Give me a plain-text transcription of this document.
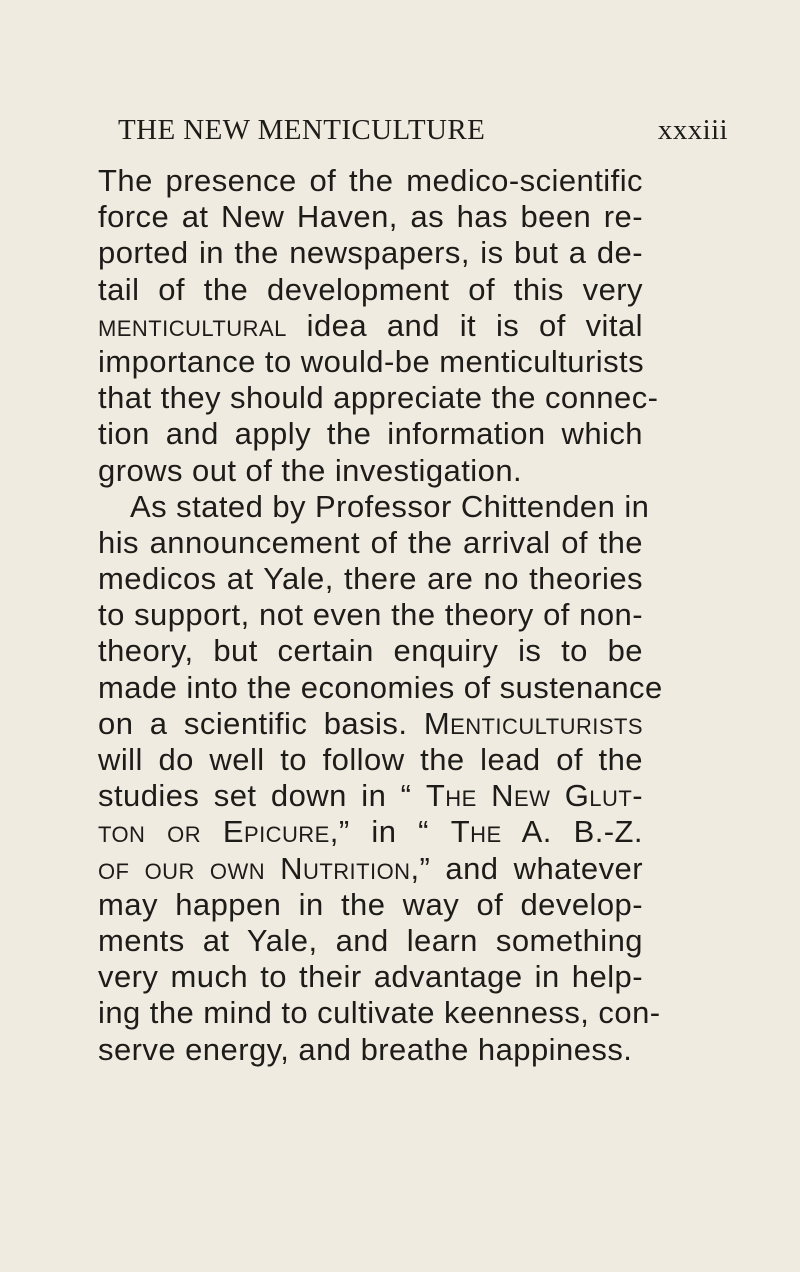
THE NEW MENTICULTURE	xxxiii
The presence of the medico-scientific
force at New Haven, as has been re-
ported in the newspapers, is but a de-
tail of the development of this very
menticultural idea and it is of vital
importance to would-be menticulturists
that they should appreciate the connec-
tion and apply the information which
grows out of the investigation.
As stated by Professor Chittenden in
his announcement of the arrival of the
medicos at Yale, there are no theories
to support, not even the theory of non-
theory, but certain enquiry is to be
made into the economies of sustenance
on a scientific basis. Menticulturists
will do well to follow the lead of the
studies set down in “ The New Glut-
ton or Epicure,” in “ The A. B.-Z.
of our own Nutrition,” and whatever
may happen in the way of develop-
ments at Yale, and learn something
very much to their advantage in help-
ing the mind to cultivate keenness, con-
serve energy, and breathe happiness.
